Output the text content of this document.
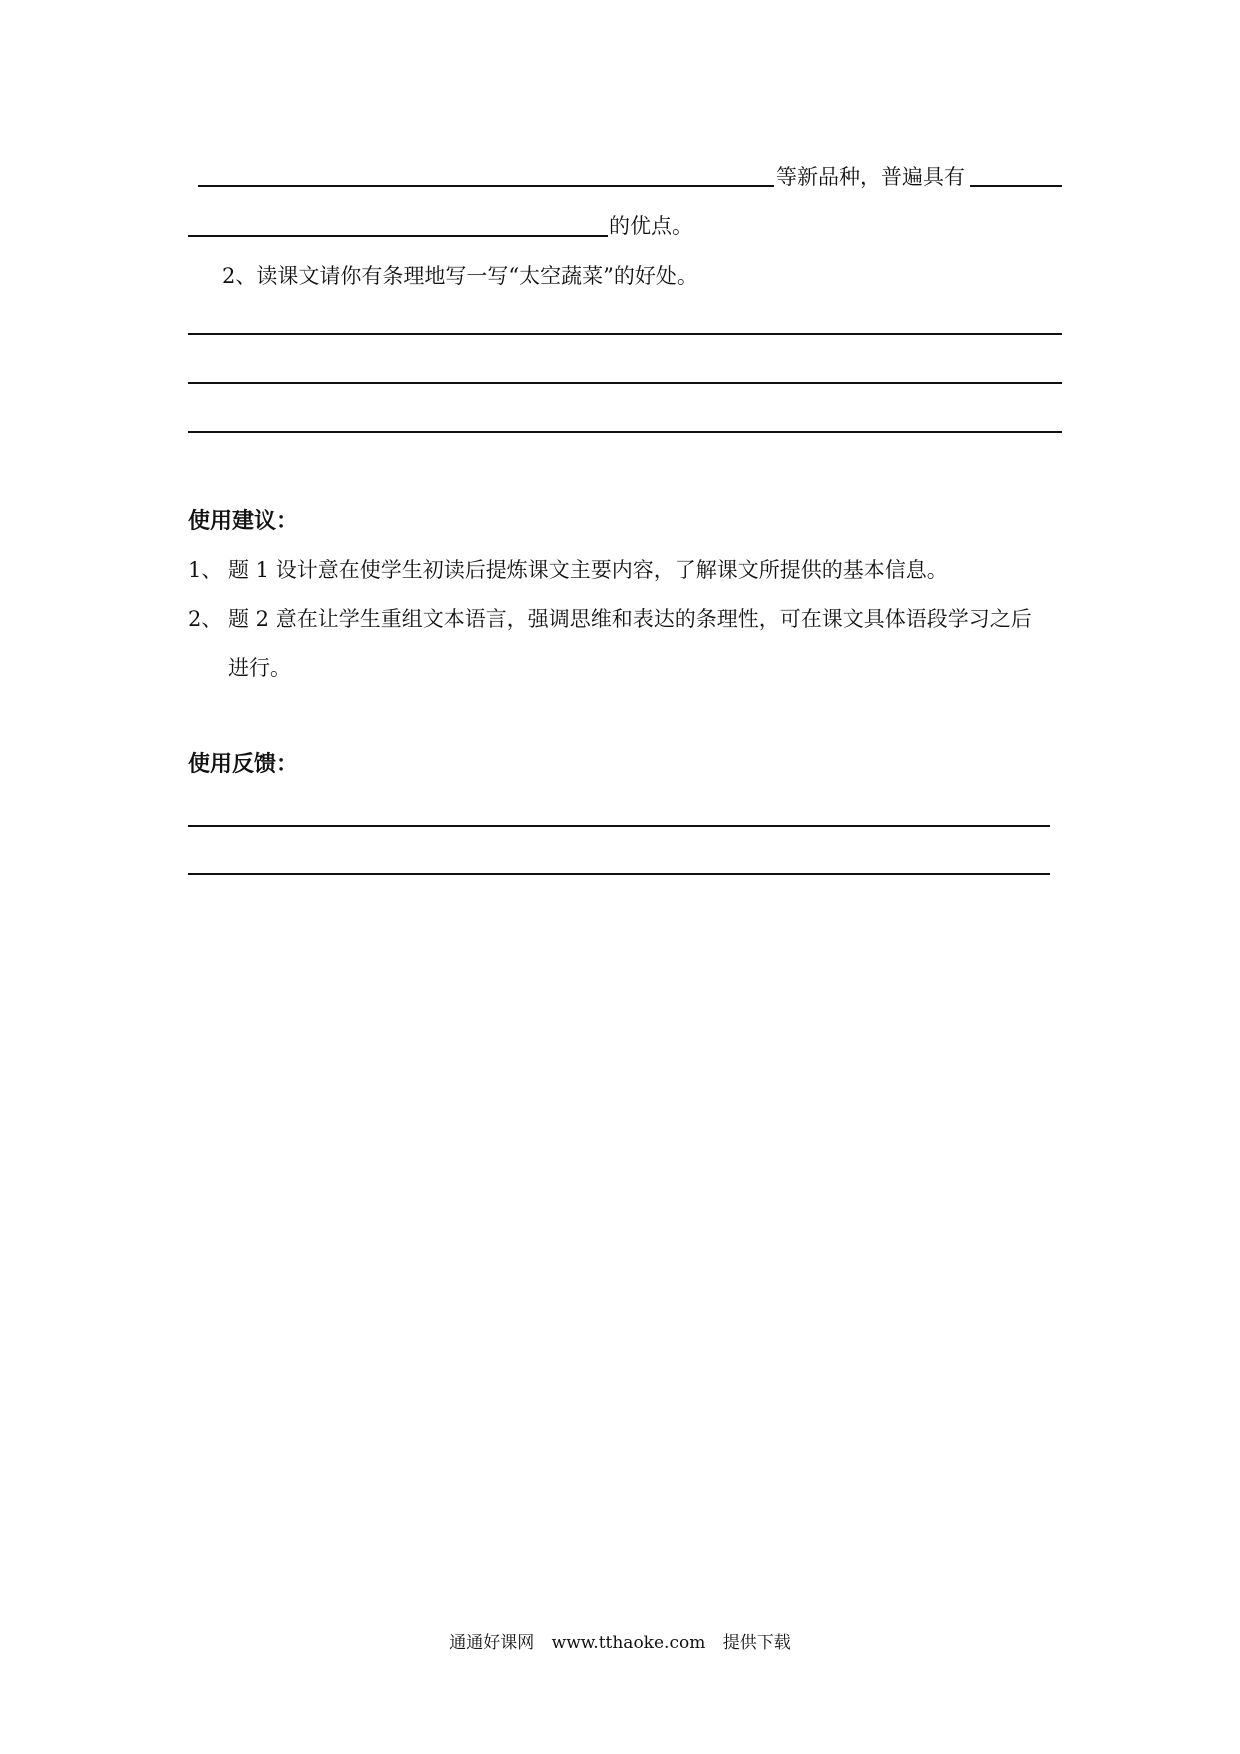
等新品种，普遍具有
的优点。
2、读课文请你有条理地写一写“太空蔬菜”的好处。
使用建议：
1、 题 1 设计意在使学生初读后提炼课文主要内容，了解课文所提供的基本信息。
2、 题 2 意在让学生重组文本语言，强调思维和表达的条理性，可在课文具体语段学习之后
进行。
使用反馈：
通通好课网 www.tthaoke.com 提供下载
